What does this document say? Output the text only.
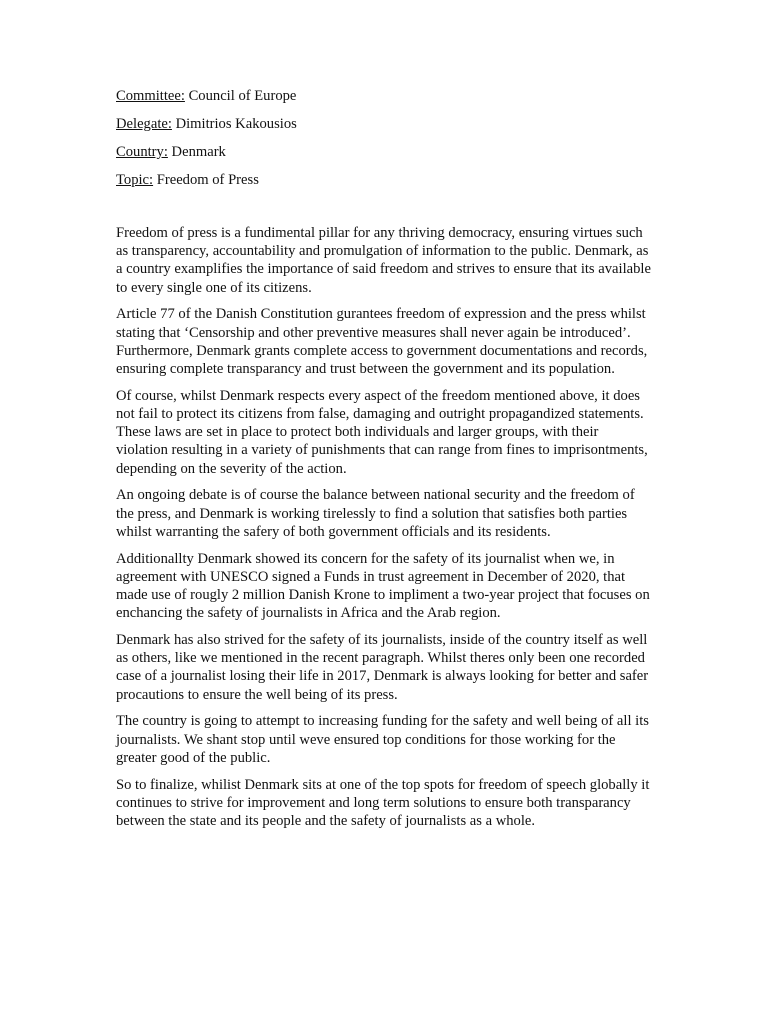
Committee: Council of Europe

Delegate: Dimitrios Kakousios

Country: Denmark

Topic: Freedom of Press

Freedom of press is a fundimental pillar for any thriving democracy, ensuring virtues such as transparency, accountability and promulgation of information to the public. Denmark, as a country examplifies the importance of said freedom and strives to ensure that its available to every single one of its citizens.

Article 77 of the Danish Constitution gurantees freedom of expression and the press whilst stating that ‘Censorship and other preventive measures shall never again be introduced’. Furthermore, Denmark grants complete access to government documentations and records, ensuring complete transparancy and trust between the government and its population.

Of course, whilst Denmark respects every aspect of the freedom mentioned above, it does not fail to protect its citizens from false, damaging and outright propagandized statements. These laws are set in place to protect both individuals and larger groups, with their violation resulting in a variety of punishments that can range from fines to imprisontments, depending on the severity of the action.

An ongoing debate is of course the balance between national security and the freedom of the press, and Denmark is working tirelessly to find a solution that satisfies both parties whilst warranting the safery of both government officials and its residents.

Additionallty Denmark showed its concern for the safety of its journalist when we, in agreement with UNESCO signed a Funds in trust agreement in December of 2020, that made use of rougly 2 million Danish Krone to impliment a two-year project that focuses on enchancing the safety of journalists in Africa and the Arab region.

Denmark has also strived for the safety of its journalists, inside of the country itself as well as others, like we mentioned in the recent paragraph. Whilst theres only been one recorded case of a journalist losing their life in 2017, Denmark is always looking for better and safer procautions to ensure the well being of its press.

The country is going to attempt to increasing funding for the safety and well being of all its journalists. We shant stop until weve ensured top conditions for those working for the greater good of the public.

So to finalize, whilist Denmark sits at one of the top spots for freedom of speech globally it continues to strive for improvement and long term solutions to ensure both transparancy between the state and its people and the safety of journalists as a whole.
